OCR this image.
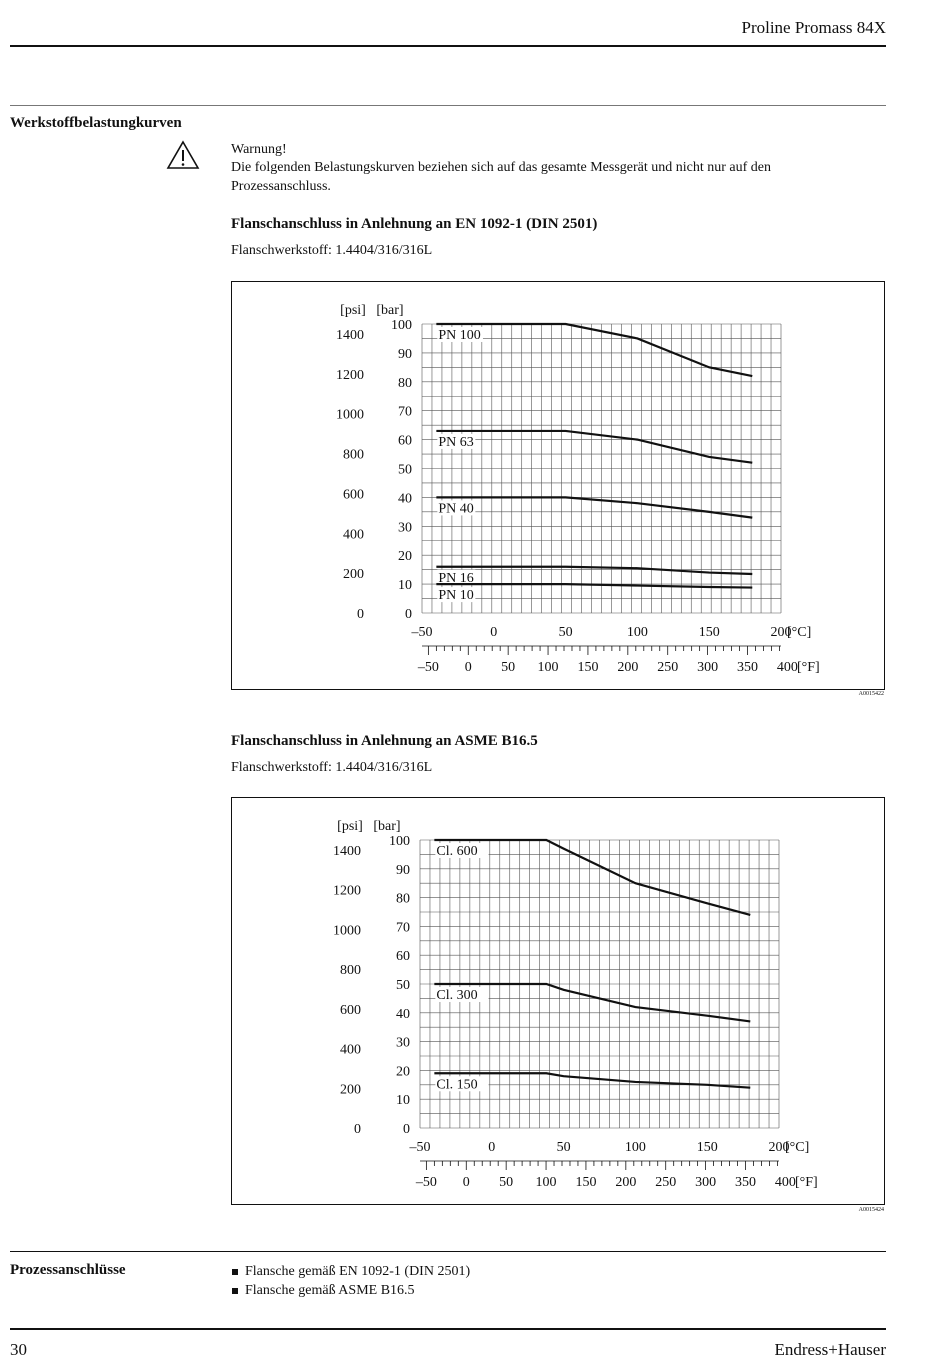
Proline Promass 84X
Werkstoffbelastungkurven
Warnung!
Die folgenden Belastungskurven beziehen sich auf das gesamte Messgerät und nicht nur auf den
Prozessanschluss.
Flanschanschluss in Anlehnung an EN 1092-1 (DIN 2501)
Flanschwerkstoff: 1.4404/316/316L
0
10
20
30
40
50
60
70
80
90
100
0
200
400
600
800
1000
1200
1400
[bar]
[psi]
–50	0	50	100	150	200
[°C]
–50 0 50 100 150 200 250 300 350 400 [°F]
PN 100
PN 63
PN 40
PN 16
PN 10
A0015422
Flanschanschluss in Anlehnung an ASME B16.5
Flanschwerkstoff: 1.4404/316/316L
0
10
20
30
40
50
60
70
80
90
100
0
200
400
600
800
1000
1200
1400
[bar]
[psi]
–50	0	50	100	150	200
[°C]
–50 0 50 100 150 200 250 300 350 400 [°F]
Cl. 600
Cl. 300
Cl. 150
A0015424
Prozessanschlüsse	Flansche gemäß EN 1092-1 (DIN 2501)
Flansche gemäß ASME B16.5
30	Endress+Hauser
